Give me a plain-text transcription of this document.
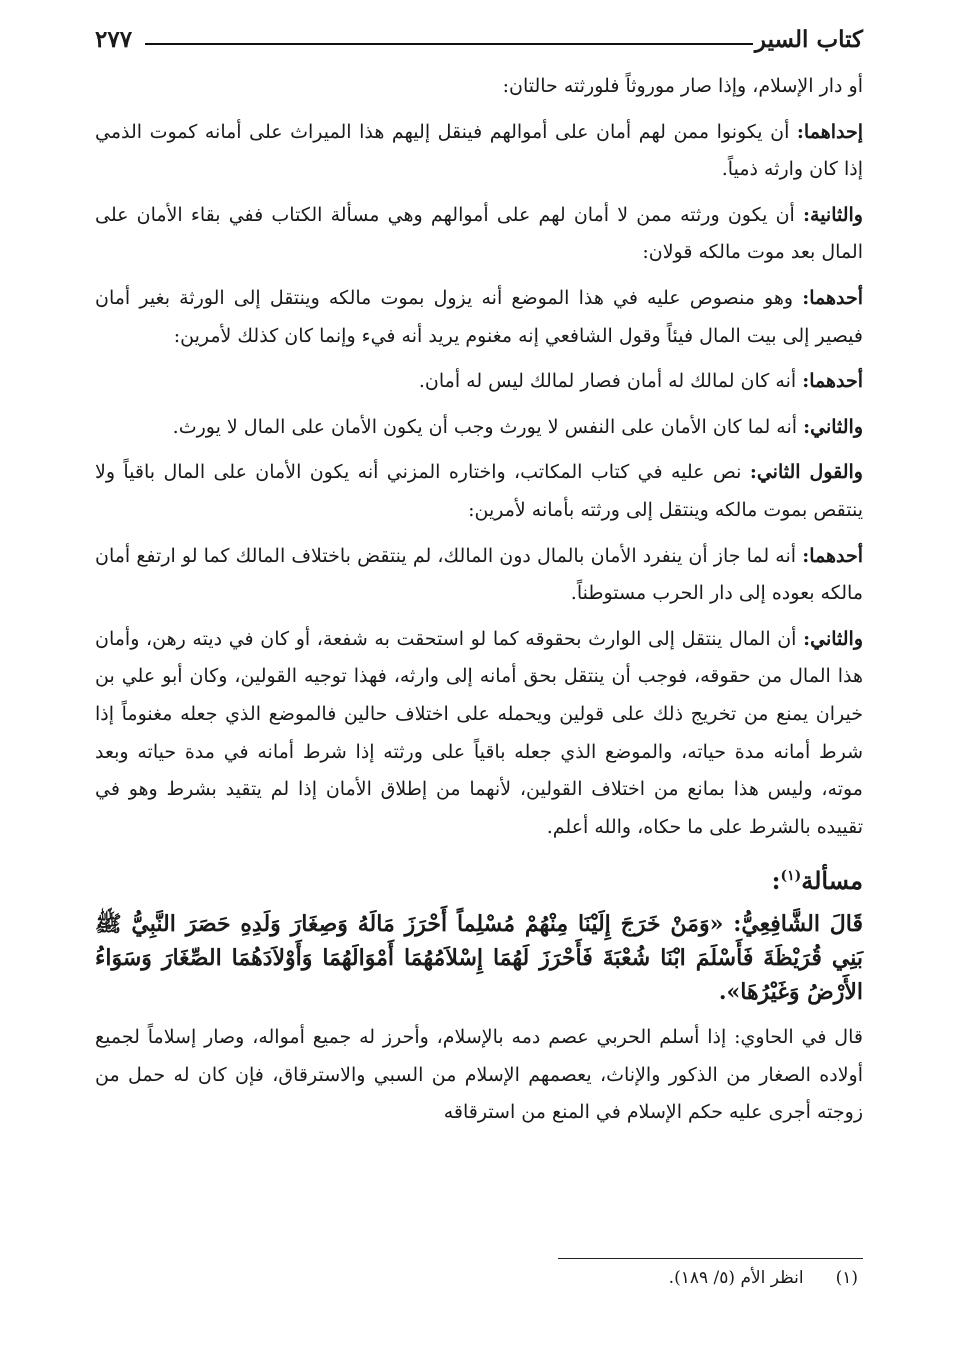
كتاب السير
٢٧٧

أو دار الإسلام، وإذا صار موروثاً فلورثته حالتان:

إحداهما: أن يكونوا ممن لهم أمان على أموالهم فينقل إليهم هذا الميراث على أمانه كموت الذمي إذا كان وارثه ذمياً.

والثانية: أن يكون ورثته ممن لا أمان لهم على أموالهم وهي مسألة الكتاب ففي بقاء الأمان على المال بعد موت مالكه قولان:

أحدهما: وهو منصوص عليه في هذا الموضع أنه يزول بموت مالكه وينتقل إلى الورثة بغير أمان فيصير إلى بيت المال فيئاً وقول الشافعي إنه مغنوم يريد أنه فيء وإنما كان كذلك لأمرين:

أحدهما: أنه كان لمالك له أمان فصار لمالك ليس له أمان.

والثاني: أنه لما كان الأمان على النفس لا يورث وجب أن يكون الأمان على المال لا يورث.

والقول الثاني: نص عليه في كتاب المكاتب، واختاره المزني أنه يكون الأمان على المال باقياً ولا ينتقص بموت مالكه وينتقل إلى ورثته بأمانه لأمرين:

أحدهما: أنه لما جاز أن ينفرد الأمان بالمال دون المالك، لم ينتقض باختلاف المالك كما لو ارتفع أمان مالكه بعوده إلى دار الحرب مستوطناً.

والثاني: أن المال ينتقل إلى الوارث بحقوقه كما لو استحقت به شفعة، أو كان في ديته رهن، وأمان هذا المال من حقوقه، فوجب أن ينتقل بحق أمانه إلى وارثه، فهذا توجيه القولين، وكان أبو علي بن خيران يمنع من تخريج ذلك على قولين ويحمله على اختلاف حالين فالموضع الذي جعله مغنوماً إذا شرط أمانه مدة حياته، والموضع الذي جعله باقياً على ورثته إذا شرط أمانه في مدة حياته وبعد موته، وليس هذا بمانع من اختلاف القولين، لأنهما من إطلاق الأمان إذا لم يتقيد بشرط وهو في تقييده بالشرط على ما حكاه، والله أعلم.

مسألة$^{(١)}$:

قَالَ الشَّافِعِيُّ: «وَمَنْ خَرَجَ إِلَيْنَا مِنْهُمْ مُسْلِماً أَحْرَزَ مَالَهُ وَصِغَارَ وَلَدِهِ حَصَرَ النَّبِيُّ ﷺ بَنِي قُرَيْظَةَ فَأَسْلَمَ ابْنَا شُعْبَةَ فَأَحْرَزَ لَهُمَا إِسْلاَمُهُمَا أَمْوَالَهُمَا وَأَوْلاَدَهُمَا الصِّغَارَ وَسَوَاءُ الأَرْضُ وَغَيْرُهَا».

قال في الحاوي: إذا أسلم الحربي عصم دمه بالإسلام، وأحرز له جميع أمواله، وصار إسلاماً لجميع أولاده الصغار من الذكور والإناث، يعصمهم الإسلام من السبي والاسترقاق، فإن كان له حمل من زوجته أجرى عليه حكم الإسلام في المنع من استرقاقه

(١)انظر الأم (٥/ ١٨٩).
